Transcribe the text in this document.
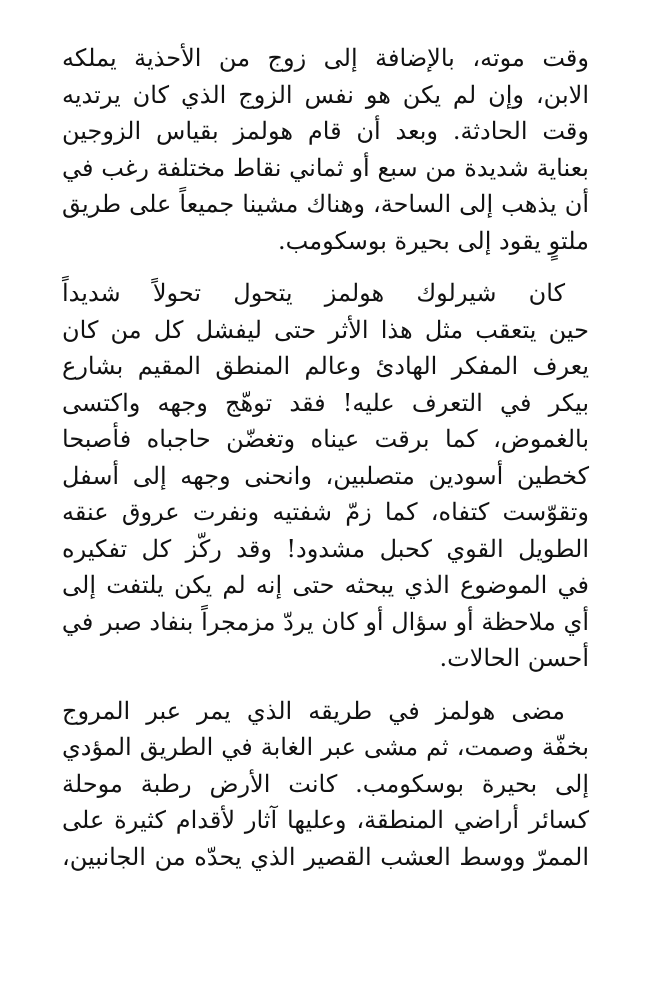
وقت موته، بالإضافة إلى زوج من الأحذية يملكه
الابن، وإن لم يكن هو نفس الزوج الذي كان يرتديه
وقت الحادثة. وبعد أن قام هولمز بقياس الزوجين
بعناية شديدة من سبع أو ثماني نقاط مختلفة رغب في
أن يذهب إلى الساحة، وهناك مشينا جميعاً على طريق
ملتوٍ يقود إلى بحيرة بوسكومب.

كان شيرلوك هولمز يتحول تحولاً شديداً
حين يتعقب مثل هذا الأثر حتى ليفشل كل من كان
يعرف المفكر الهادئ وعالم المنطق المقيم بشارع
بيكر في التعرف عليه! فقد توهّج وجهه واكتسى
بالغموض، كما برقت عيناه وتغضّن حاجباه فأصبحا
كخطين أسودين متصلبين، وانحنى وجهه إلى أسفل
وتقوّست كتفاه، كما زمّ شفتيه ونفرت عروق عنقه
الطويل القوي كحبل مشدود! وقد ركّز كل تفكيره
في الموضوع الذي يبحثه حتى إنه لم يكن يلتفت إلى
أي ملاحظة أو سؤال أو كان يردّ مزمجراً بنفاد صبر في
أحسن الحالات.

مضى هولمز في طريقه الذي يمر عبر المروج
بخفّة وصمت، ثم مشى عبر الغابة في الطريق المؤدي
إلى بحيرة بوسكومب. كانت الأرض رطبة موحلة
كسائر أراضي المنطقة، وعليها آثار لأقدام كثيرة على
الممرّ ووسط العشب القصير الذي يحدّه من الجانبين،
